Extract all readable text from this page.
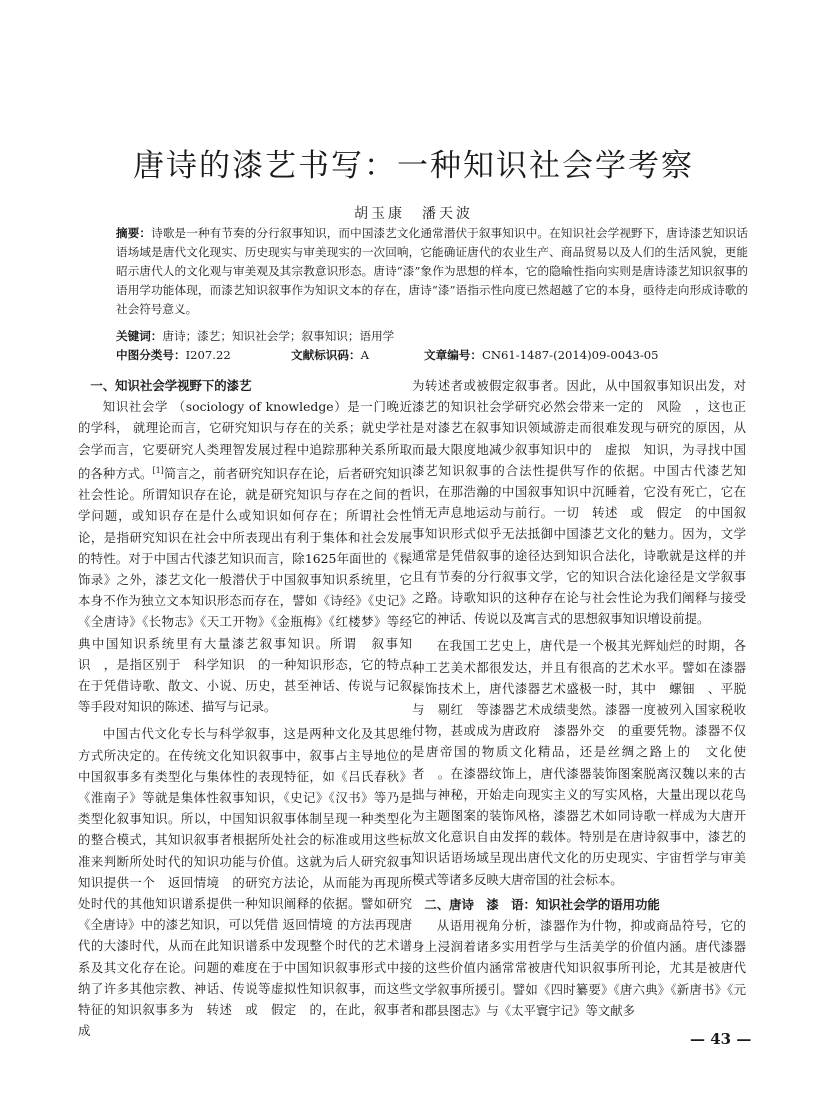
唐诗的漆艺书写：一种知识社会学考察
胡玉康　潘天波
摘要：诗歌是一种有节奏的分行叙事知识，而中国漆艺文化通常潜伏于叙事知识中。在知识社会学视野下，唐诗漆艺知识话语场域是唐代文化现实、历史现实与审美现实的一次回响，它能确证唐代的农业生产、商品贸易以及人们的生活风貌，更能昭示唐代人的文化观与审美观及其宗教意识形态。唐诗“漆”象作为思想的样本，它的隐喻性指向实则是唐诗漆艺知识叙事的语用学功能体现，而漆艺知识叙事作为知识文本的存在，唐诗“漆”语指示性向度已然超越了它的本身，亟待走向形成诗歌的社会符号意义。
关键词：唐诗；漆艺；知识社会学；叙事知识；语用学
中图分类号：I207.22	文献标识码：A	文章编号：CN61-1487-(2014)09-0043-05
一、知识社会学视野下的漆艺

知识社会学 （sociology of knowledge）是一门晚近的学科， 就理论而言，它研究知识与存在的关系；就史学社会学而言，它要研究人类理智发展过程中追踪那种关系所取的各种方式。[1]简言之，前者研究知识存在论，后者研究知识社会性论。所谓知识存在论，就是研究知识与存在之间的哲学问题，或知识存在是什么或知识如何存在；所谓社会性论，是指研究知识在社会中所表现出有利于集体和社会发展的特性。对于中国古代漆艺知识而言，除1625年面世的《髹饰录》之外，漆艺文化一般潜伏于中国叙事知识系统里，它本身不作为独立文本知识形态而存在，譬如《诗经》《史记》《全唐诗》《长物志》《天工开物》《金瓶梅》《红楼梦》等经典中国知识系统里有大量漆艺叙事知识。所谓　叙事知识　，是指区别于　科学知识　的一种知识形态，它的特点在于凭借诗歌、散文、小说、历史，甚至神话、传说与记叙等手段对知识的陈述、描写与记录。

中国古代文化专长与科学叙事，这是两种文化及其思维方式所决定的。在传统文化知识叙事中，叙事占主导地位的中国叙事多有类型化与集体性的表现特征，如《吕氏春秋》《淮南子》等就是集体性叙事知识，《史记》《汉书》等乃是类型化叙事知识。所以，中国知识叙事体制呈现一种类型化的整合模式，其知识叙事者根据所处社会的标准或用这些标准来判断所处时代的知识功能与价值。这就为后人研究叙事知识提供一个　返回情境　的研究方法论，从而能为再现所处时代的其他知识谱系提供一种知识阐释的依据。譬如研究《全唐诗》中的漆艺知识，可以凭借 返回情境 的方法再现唐代的大漆时代，从而在此知识谱系中发现整个时代的艺术谱系及其文化存在论。问题的难度在于中国知识叙事形式中接纳了许多其他宗教、神话、传说等虚拟性知识叙事，而这些特征的知识叙事多为　转述　或　假定　的，在此，叙事者成

为转述者或被假定叙事者。因此，从中国叙事知识出发，对漆艺的知识社会学研究必然会带来一定的　风险　，这也正是对漆艺在叙事知识领域游走而很难发现与研究的原因，从而最大限度地减少叙事知识中的　虚拟　知识，为寻找中国漆艺知识叙事的合法性提供写作的依据。中国古代漆艺知识，在那浩瀚的中国叙事知识中沉睡着，它没有死亡，它在悄无声息地运动与前行。一切　转述　或　假定　的中国叙事知识形式似乎无法抵御中国漆艺文化的魅力。因为，文学通常是凭借叙事的途径达到知识合法化，诗歌就是这样的并且有节奏的分行叙事文学，它的知识合法化途径是文学叙事之路。诗歌知识的这种存在论与社会性论为我们阐释与接受它的神话、传说以及寓言式的思想叙事知识增设前提。

在我国工艺史上，唐代是一个极其光辉灿烂的时期，各种工艺美术都很发达，并且有很高的艺术水平。譬如在漆器髹饰技术上，唐代漆器艺术盛极一时，其中　螺钿　、平脱　与　剔红　等漆器艺术成绩斐然。漆器一度被列入国家税收付物，甚或成为唐政府　漆器外交　的重要凭物。漆器不仅是唐帝国的物质文化精品，还是丝绸之路上的　文化使者　。在漆器纹饰上，唐代漆器装饰图案脱离汉魏以来的古拙与神秘，开始走向现实主义的写实风格，大量出现以花鸟为主题图案的装饰风格，漆器艺术如同诗歌一样成为大唐开放文化意识自由发挥的载体。特别是在唐诗叙事中，漆艺的知识话语场域呈现出唐代文化的历史现实、宇宙哲学与审美模式等诸多反映大唐帝国的社会标本。

二、唐诗　漆　语：知识社会学的语用功能

从语用视角分析，漆器作为什物，抑或商品符号，它的身上浸润着诸多实用哲学与生活美学的价值内涵。唐代漆器的这些价值内涵常常被唐代知识叙事所刊论，尤其是被唐代文学叙事所援引。譬如《四时纂要》《唐六典》《新唐书》《元和郡县图志》与《太平寰宇记》等文献多

— 43 —
